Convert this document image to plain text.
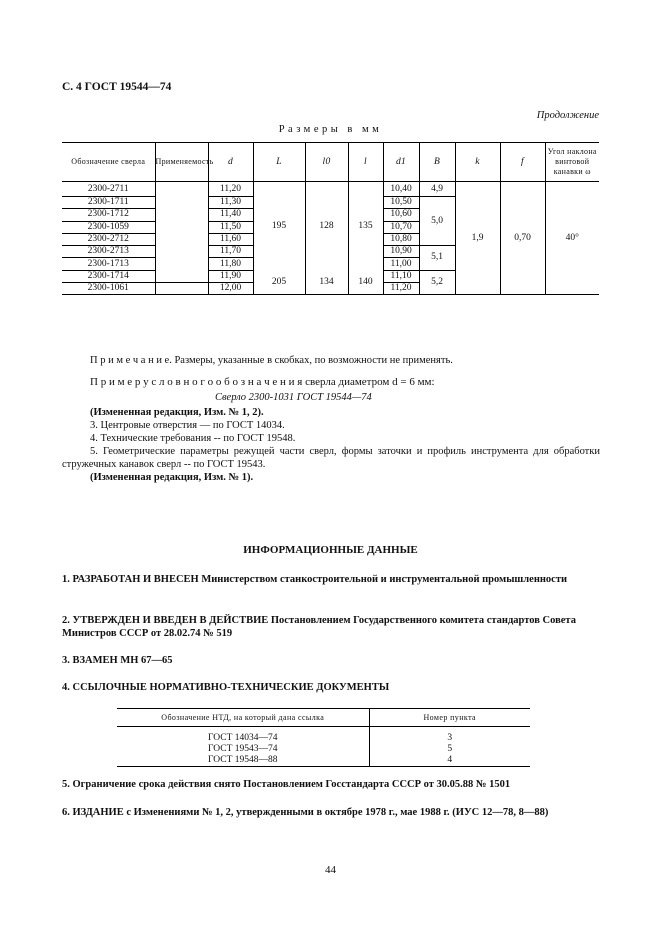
С. 4 ГОСТ 19544—74
Продолжение
Размеры в мм
Обозначение сверла	Применяемость	d	L	l0	l	d1	B	k	f	Угол наклона винтовой канавки ω
2300-2711		11,20	195	128	135	10,40	4,9	1,9	0,70	40°
2300-1711		11,30				10,50	5,0			
2300-1712		11,40				10,60				
2300-1059		11,50				10,70				
2300-2712		11,60				10,80				
2300-2713		11,70				10,90	5,1			
2300-1713		11,80				11,00				
2300-1714		11,90	205	134	140	11,10	5,2			
2300-1061		12,00				11,20				
П р и м е ч а н и е. Размеры, указанные в скобках, по возможности не применять.
П р и м е р у с л о в н о г о о б о з н а ч е н и я сверла диаметром d = 6 мм:
Сверло 2300-1031 ГОСТ 19544—74
(Измененная редакция, Изм. № 1, 2).
3. Центровые отверстия — по ГОСТ 14034.
4. Технические требования -- по ГОСТ 19548.
5. Геометрические параметры режущей части сверл, формы заточки и профиль инструмента для обработки стружечных канавок сверл -- по ГОСТ 19543.
(Измененная редакция, Изм. № 1).
ИНФОРМАЦИОННЫЕ ДАННЫЕ
1. РАЗРАБОТАН И ВНЕСЕН Министерством станкостроительной и инструментальной промышленности
2. УТВЕРЖДЕН И ВВЕДЕН В ДЕЙСТВИЕ Постановлением Государственного комитета стандартов Совета Министров СССР от 28.02.74 № 519
3. ВЗАМЕН МН 67—65
4. ССЫЛОЧНЫЕ НОРМАТИВНО-ТЕХНИЧЕСКИЕ ДОКУМЕНТЫ
Обозначение НТД, на который дана ссылка	Номер пункта

ГОСТ 14034—74	3
ГОСТ 19543—74	5
ГОСТ 19548—88	4
5. Ограничение срока действия снято Постановлением Госстандарта СССР от 30.05.88 № 1501
6. ИЗДАНИЕ с Изменениями № 1, 2, утвержденными в октябре 1978 г., мае 1988 г. (ИУС 12—78, 8—88)
44
